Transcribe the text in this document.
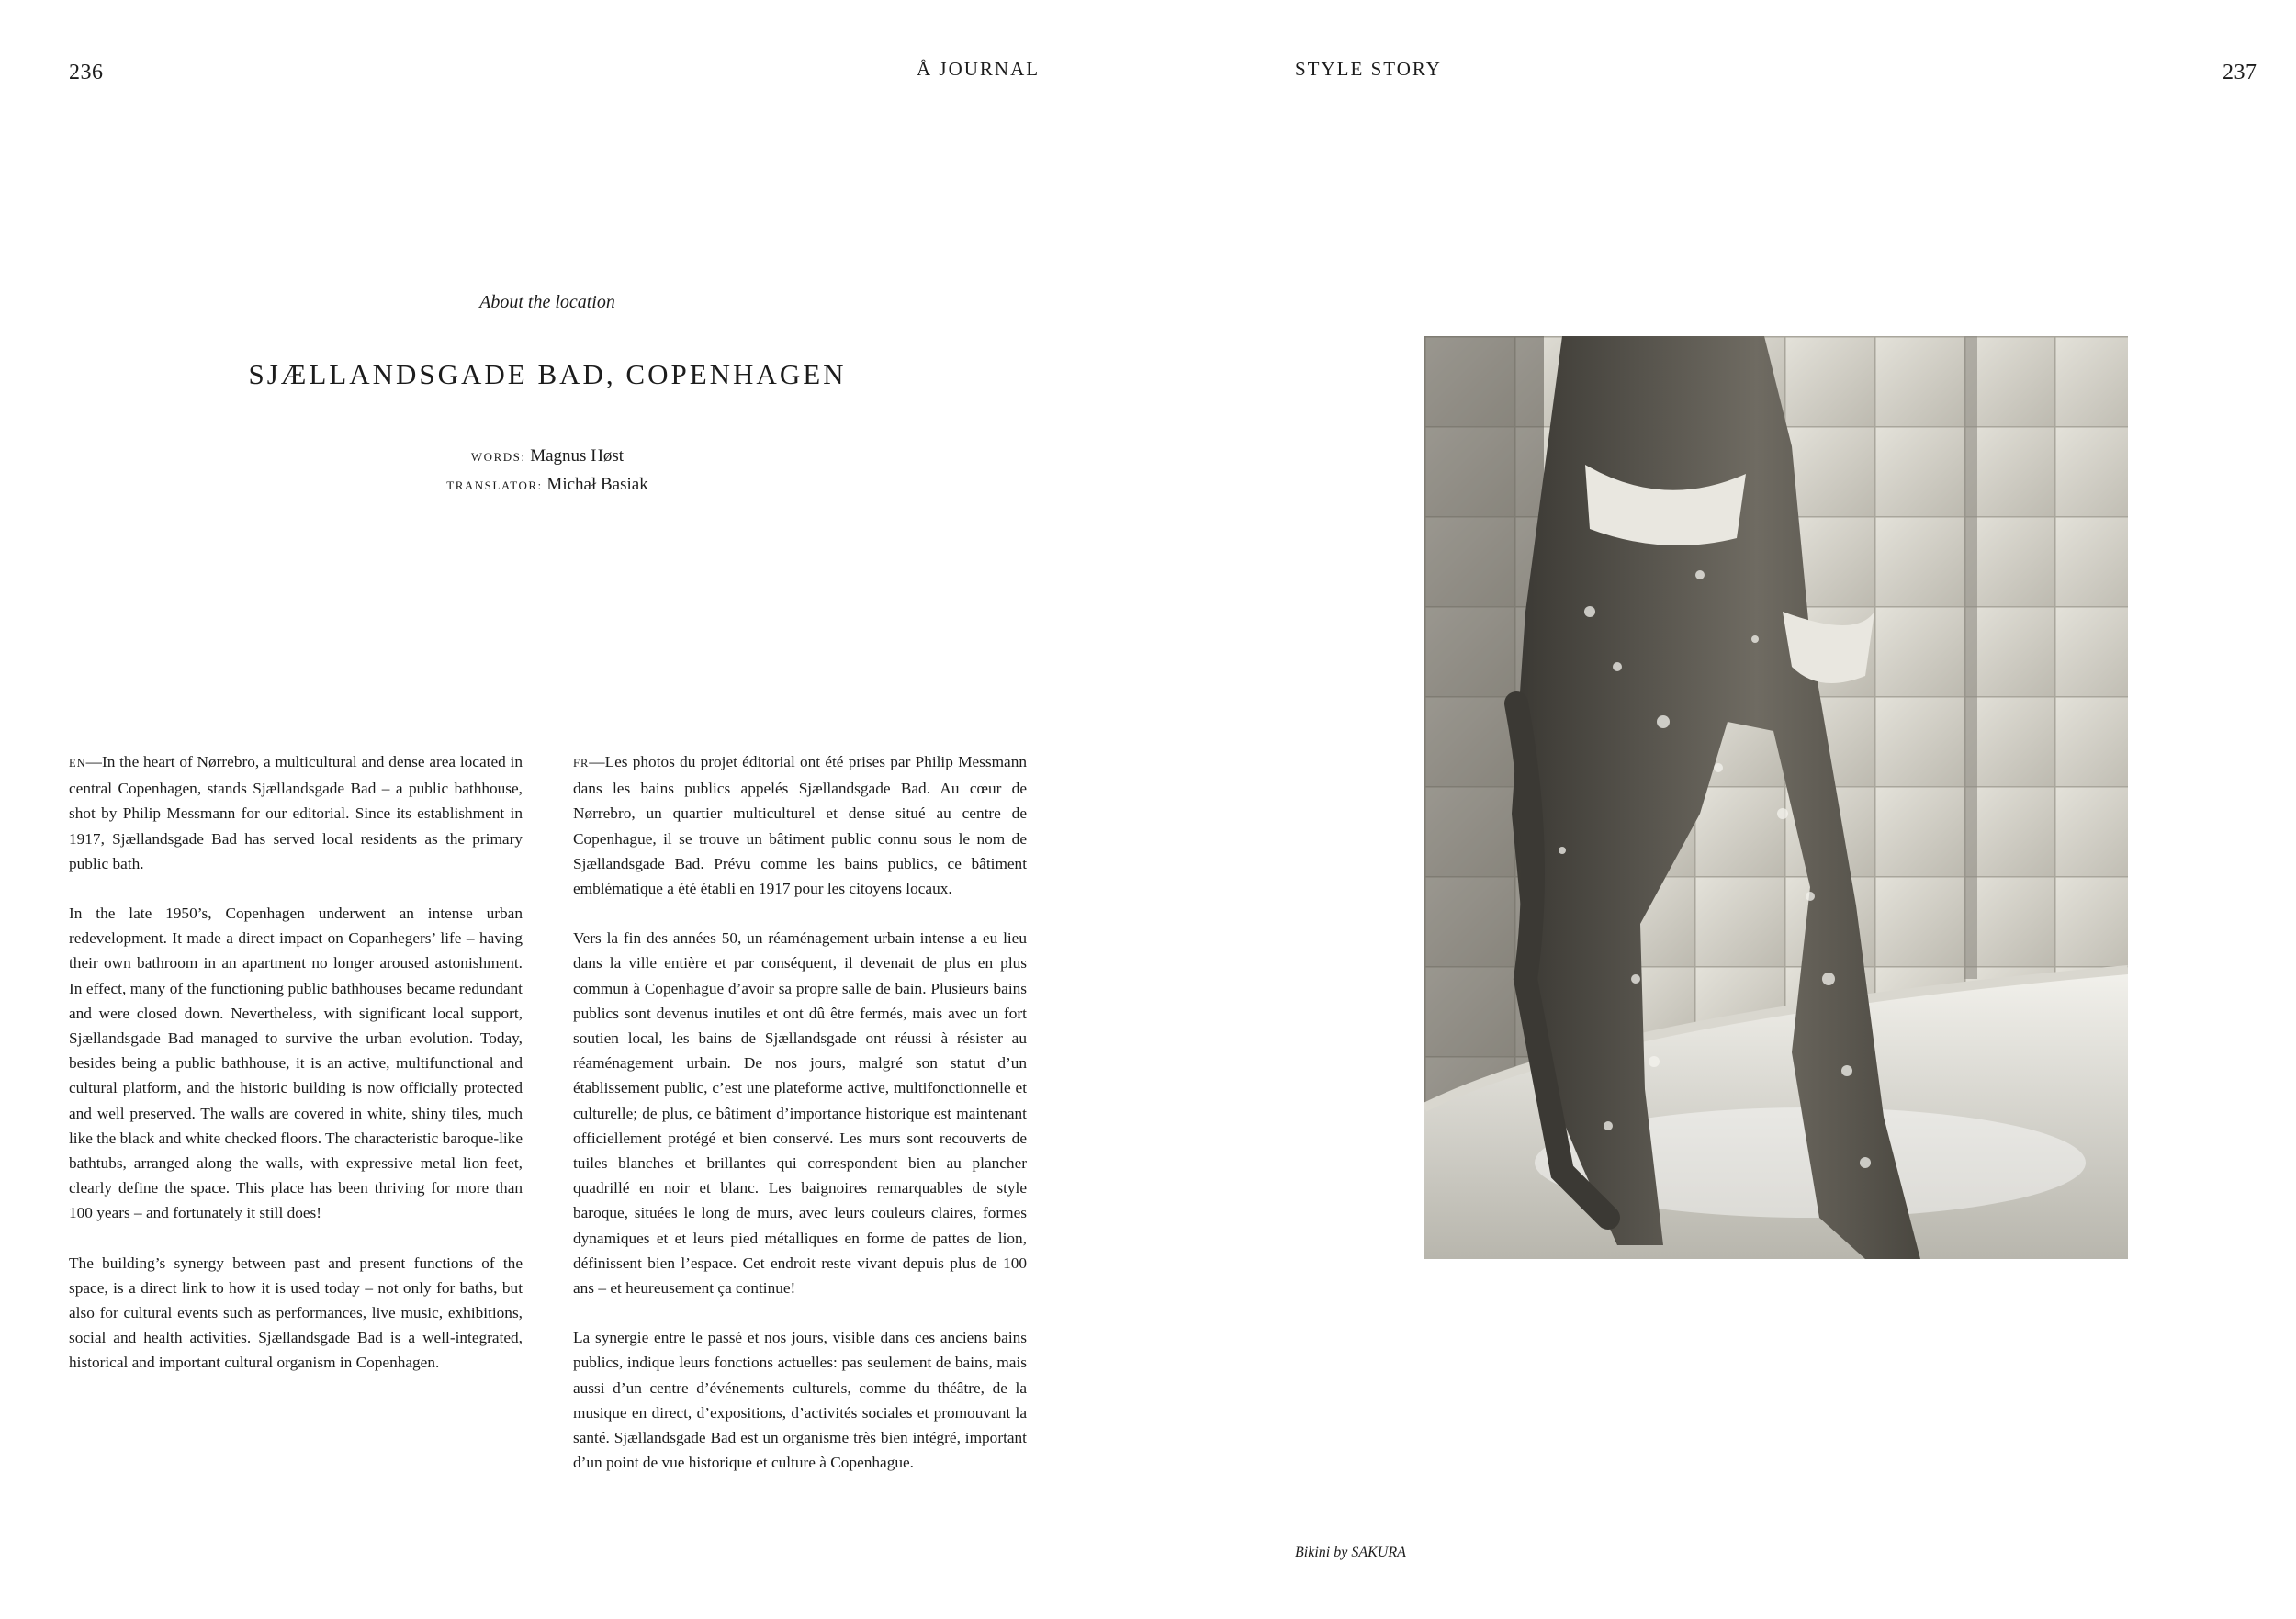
236	Å JOURNAL
About the location
SJÆLLANDSGADE BAD, COPENHAGEN
WORDS: Magnus Høst
TRANSLATOR: Michał Basiak

EN—In the heart of Nørrebro, a multicultural and dense area located in central Copenhagen, stands Sjællandsgade Bad – a public bathhouse, shot by Philip Messmann for our editorial. Since its establishment in 1917, Sjællandsgade Bad has served local residents as the primary public bath.

In the late 1950’s, Copenhagen underwent an intense urban redevelopment. It made a direct impact on Copanhegers’ life – having their own bathroom in an apartment no longer aroused astonishment. In effect, many of the functioning public bathhouses became redundant and were closed down. Nevertheless, with significant local support, Sjællandsgade Bad managed to survive the urban evolution. Today, besides being a public bathhouse, it is an active, multifunctional and cultural platform, and the historic building is now officially protected and well preserved. The walls are covered in white, shiny tiles, much like the black and white checked floors. The characteristic baroque-like bathtubs, arranged along the walls, with expressive metal lion feet, clearly define the space. This place has been thriving for more than 100 years – and fortunately it still does!

The building’s synergy between past and present functions of the space, is a direct link to how it is used today – not only for baths, but also for cultural events such as performances, live music, exhibitions, social and health activities. Sjællandsgade Bad is a well-integrated, historical and important cultural organism in Copenhagen.

FR—Les photos du projet éditorial ont été prises par Philip Messmann dans les bains publics appelés Sjællandsgade Bad. Au cœur de Nørrebro, un quartier multiculturel et dense situé au centre de Copenhague, il se trouve un bâtiment public connu sous le nom de Sjællandsgade Bad. Prévu comme les bains publics, ce bâtiment emblématique a été établi en 1917 pour les citoyens locaux.

Vers la fin des années 50, un réaménagement urbain intense a eu lieu dans la ville entière et par conséquent, il devenait de plus en plus commun à Copenhague d’avoir sa propre salle de bain. Plusieurs bains publics sont devenus inutiles et ont dû être fermés, mais avec un fort soutien local, les bains de Sjællandsgade ont réussi à résister au réaménagement urbain. De nos jours, malgré son statut d’un établissement public, c’est une plateforme active, multifonctionnelle et culturelle; de plus, ce bâtiment d’importance historique est maintenant officiellement protégé et bien conservé. Les murs sont recouverts de tuiles blanches et brillantes qui correspondent bien au plancher quadrillé en noir et blanc. Les baignoires remarquables de style baroque, situées le long de murs, avec leurs couleurs claires, formes dynamiques et et leurs pied métalliques en forme de pattes de lion, définissent bien l’espace. Cet endroit reste vivant depuis plus de 100 ans – et heureusement ça continue!

La synergie entre le passé et nos jours, visible dans ces anciens bains publics, indique leurs fonctions actuelles: pas seulement de bains, mais aussi d’un centre d’événements culturels, comme du théâtre, de la musique en direct, d’expositions, d’activités sociales et promouvant la santé. Sjællandsgade Bad est un organisme très bien intégré, important d’un point de vue historique et culture à Copenhague.

STYLE STORY	237
Bikini by SAKURA
